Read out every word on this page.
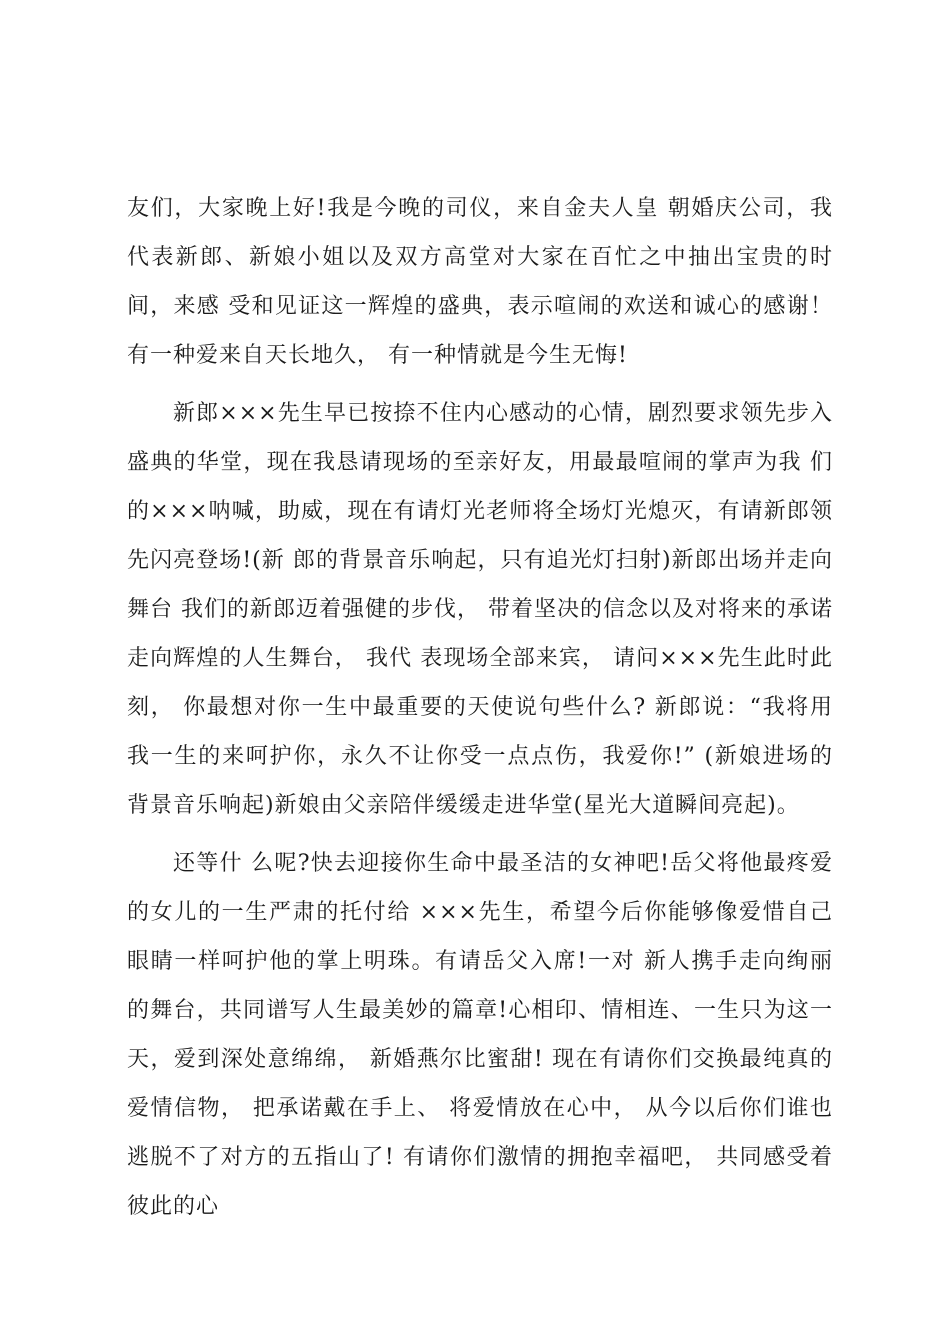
友们，大家晚上好!我是今晚的司仪，来自金夫人皇 朝婚庆公司，我代表新郎、新娘小姐以及双方高堂对大家在百忙之中抽出宝贵的时间，来感 受和见证这一辉煌的盛典，表示喧闹的欢送和诚心的感谢！ 有一种爱来自天长地久， 有一种情就是今生无悔!

新郎×××先生早已按捺不住内心感动的心情，剧烈要求领先步入盛典的华堂，现在我恳请现场的至亲好友，用最最喧闹的掌声为我 们的×××呐喊，助威，现在有请灯光老师将全场灯光熄灭，有请新郎领先闪亮登场!(新 郎的背景音乐响起，只有追光灯扫射)新郎出场并走向舞台 我们的新郎迈着强健的步伐， 带着坚决的信念以及对将来的承诺走向辉煌的人生舞台， 我代 表现场全部来宾， 请问×××先生此时此刻， 你最想对你一生中最重要的天使说句些什么? 新郎说：“我将用我一生的来呵护你，永久不让你受一点点伤，我爱你!” (新娘进场的背景音乐响起)新娘由父亲陪伴缓缓走进华堂(星光大道瞬间亮起)。

还等什 么呢?快去迎接你生命中最圣洁的女神吧!岳父将他最疼爱的女儿的一生严肃的托付给 ×××先生，希望今后你能够像爱惜自己眼睛一样呵护他的掌上明珠。有请岳父入席!一对 新人携手走向绚丽的舞台，共同谱写人生最美妙的篇章!心相印、情相连、一生只为这一天，爱到深处意绵绵， 新婚燕尔比蜜甜! 现在有请你们交换最纯真的爱情信物， 把承诺戴在手上、 将爱情放在心中， 从今以后你们谁也逃脱不了对方的五指山了! 有请你们激情的拥抱幸福吧， 共同感受着彼此的心
